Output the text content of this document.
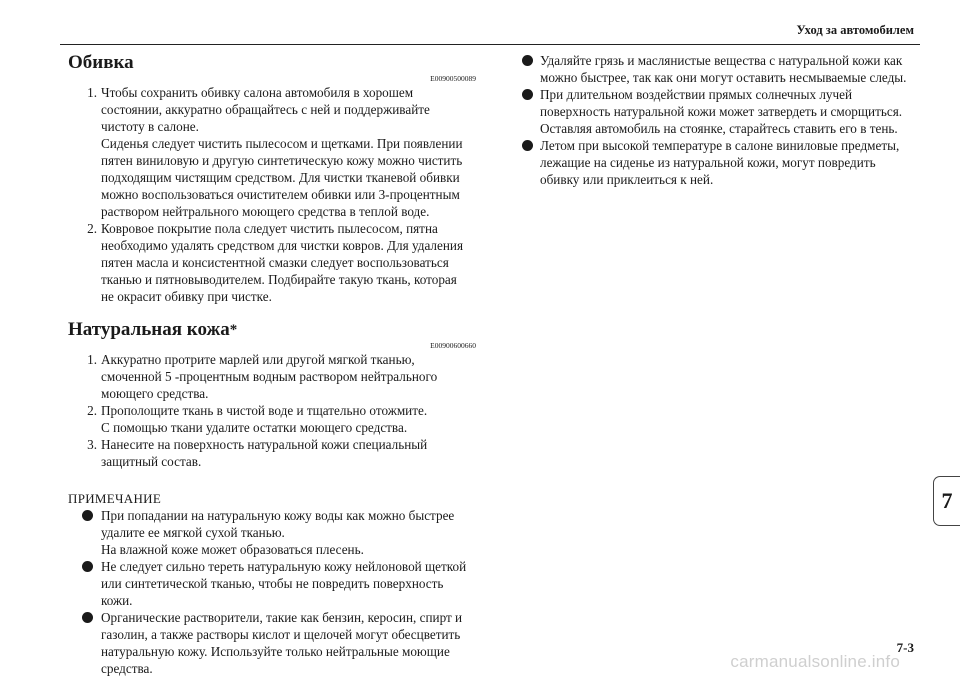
Уход за автомобилем
Обивка
E00900500089
1. Чтобы сохранить обивку салона автомобиля в хорошем
состоянии, аккуратно обращайтесь с ней и поддерживайте
чистоту в салоне.
Сиденья следует чистить пылесосом и щетками. При появлении
пятен виниловую и другую синтетическую кожу можно чистить
подходящим чистящим средством. Для чистки тканевой обивки
можно воспользоваться очистителем обивки или 3-процентным
раствором нейтрального моющего средства в теплой воде.
2. Ковровое покрытие пола следует чистить пылесосом, пятна
необходимо удалять средством для чистки ковров. Для удаления
пятен масла и консистентной смазки следует воспользоваться
тканью и пятновыводителем. Подбирайте такую ткань, которая
не окрасит обивку при чистке.
Натуральная кожа*
E00900600660
1. Аккуратно протрите марлей или другой мягкой тканью,
смоченной 5 -процентным водным раствором нейтрального
моющего средства.
2. Прополощите ткань в чистой воде и тщательно отожмите.
С помощью ткани удалите остатки моющего средства.
3. Нанесите на поверхность натуральной кожи специальный
защитный состав.
ПРИМЕЧАНИЕ
При попадании на натуральную кожу воды как можно быстрее
удалите ее мягкой сухой тканью.
На влажной коже может образоваться плесень.
Не следует сильно тереть натуральную кожу нейлоновой щеткой
или синтетической тканью, чтобы не повредить поверхность
кожи.
Органические растворители, такие как бензин, керосин, спирт и
газолин, а также растворы кислот и щелочей могут обесцветить
натуральную кожу. Используйте только нейтральные моющие
средства.
Удаляйте грязь и маслянистые вещества с натуральной кожи как
можно быстрее, так как они могут оставить несмываемые следы.
При длительном воздействии прямых солнечных лучей
поверхность натуральной кожи может затвердеть и сморщиться.
Оставляя автомобиль на стоянке, старайтесь ставить его в тень.
Летом при высокой температуре в салоне виниловые предметы,
лежащие на сиденье из натуральной кожи, могут повредить
обивку или приклеиться к ней.
7
7-3
carmanualsonline.info
